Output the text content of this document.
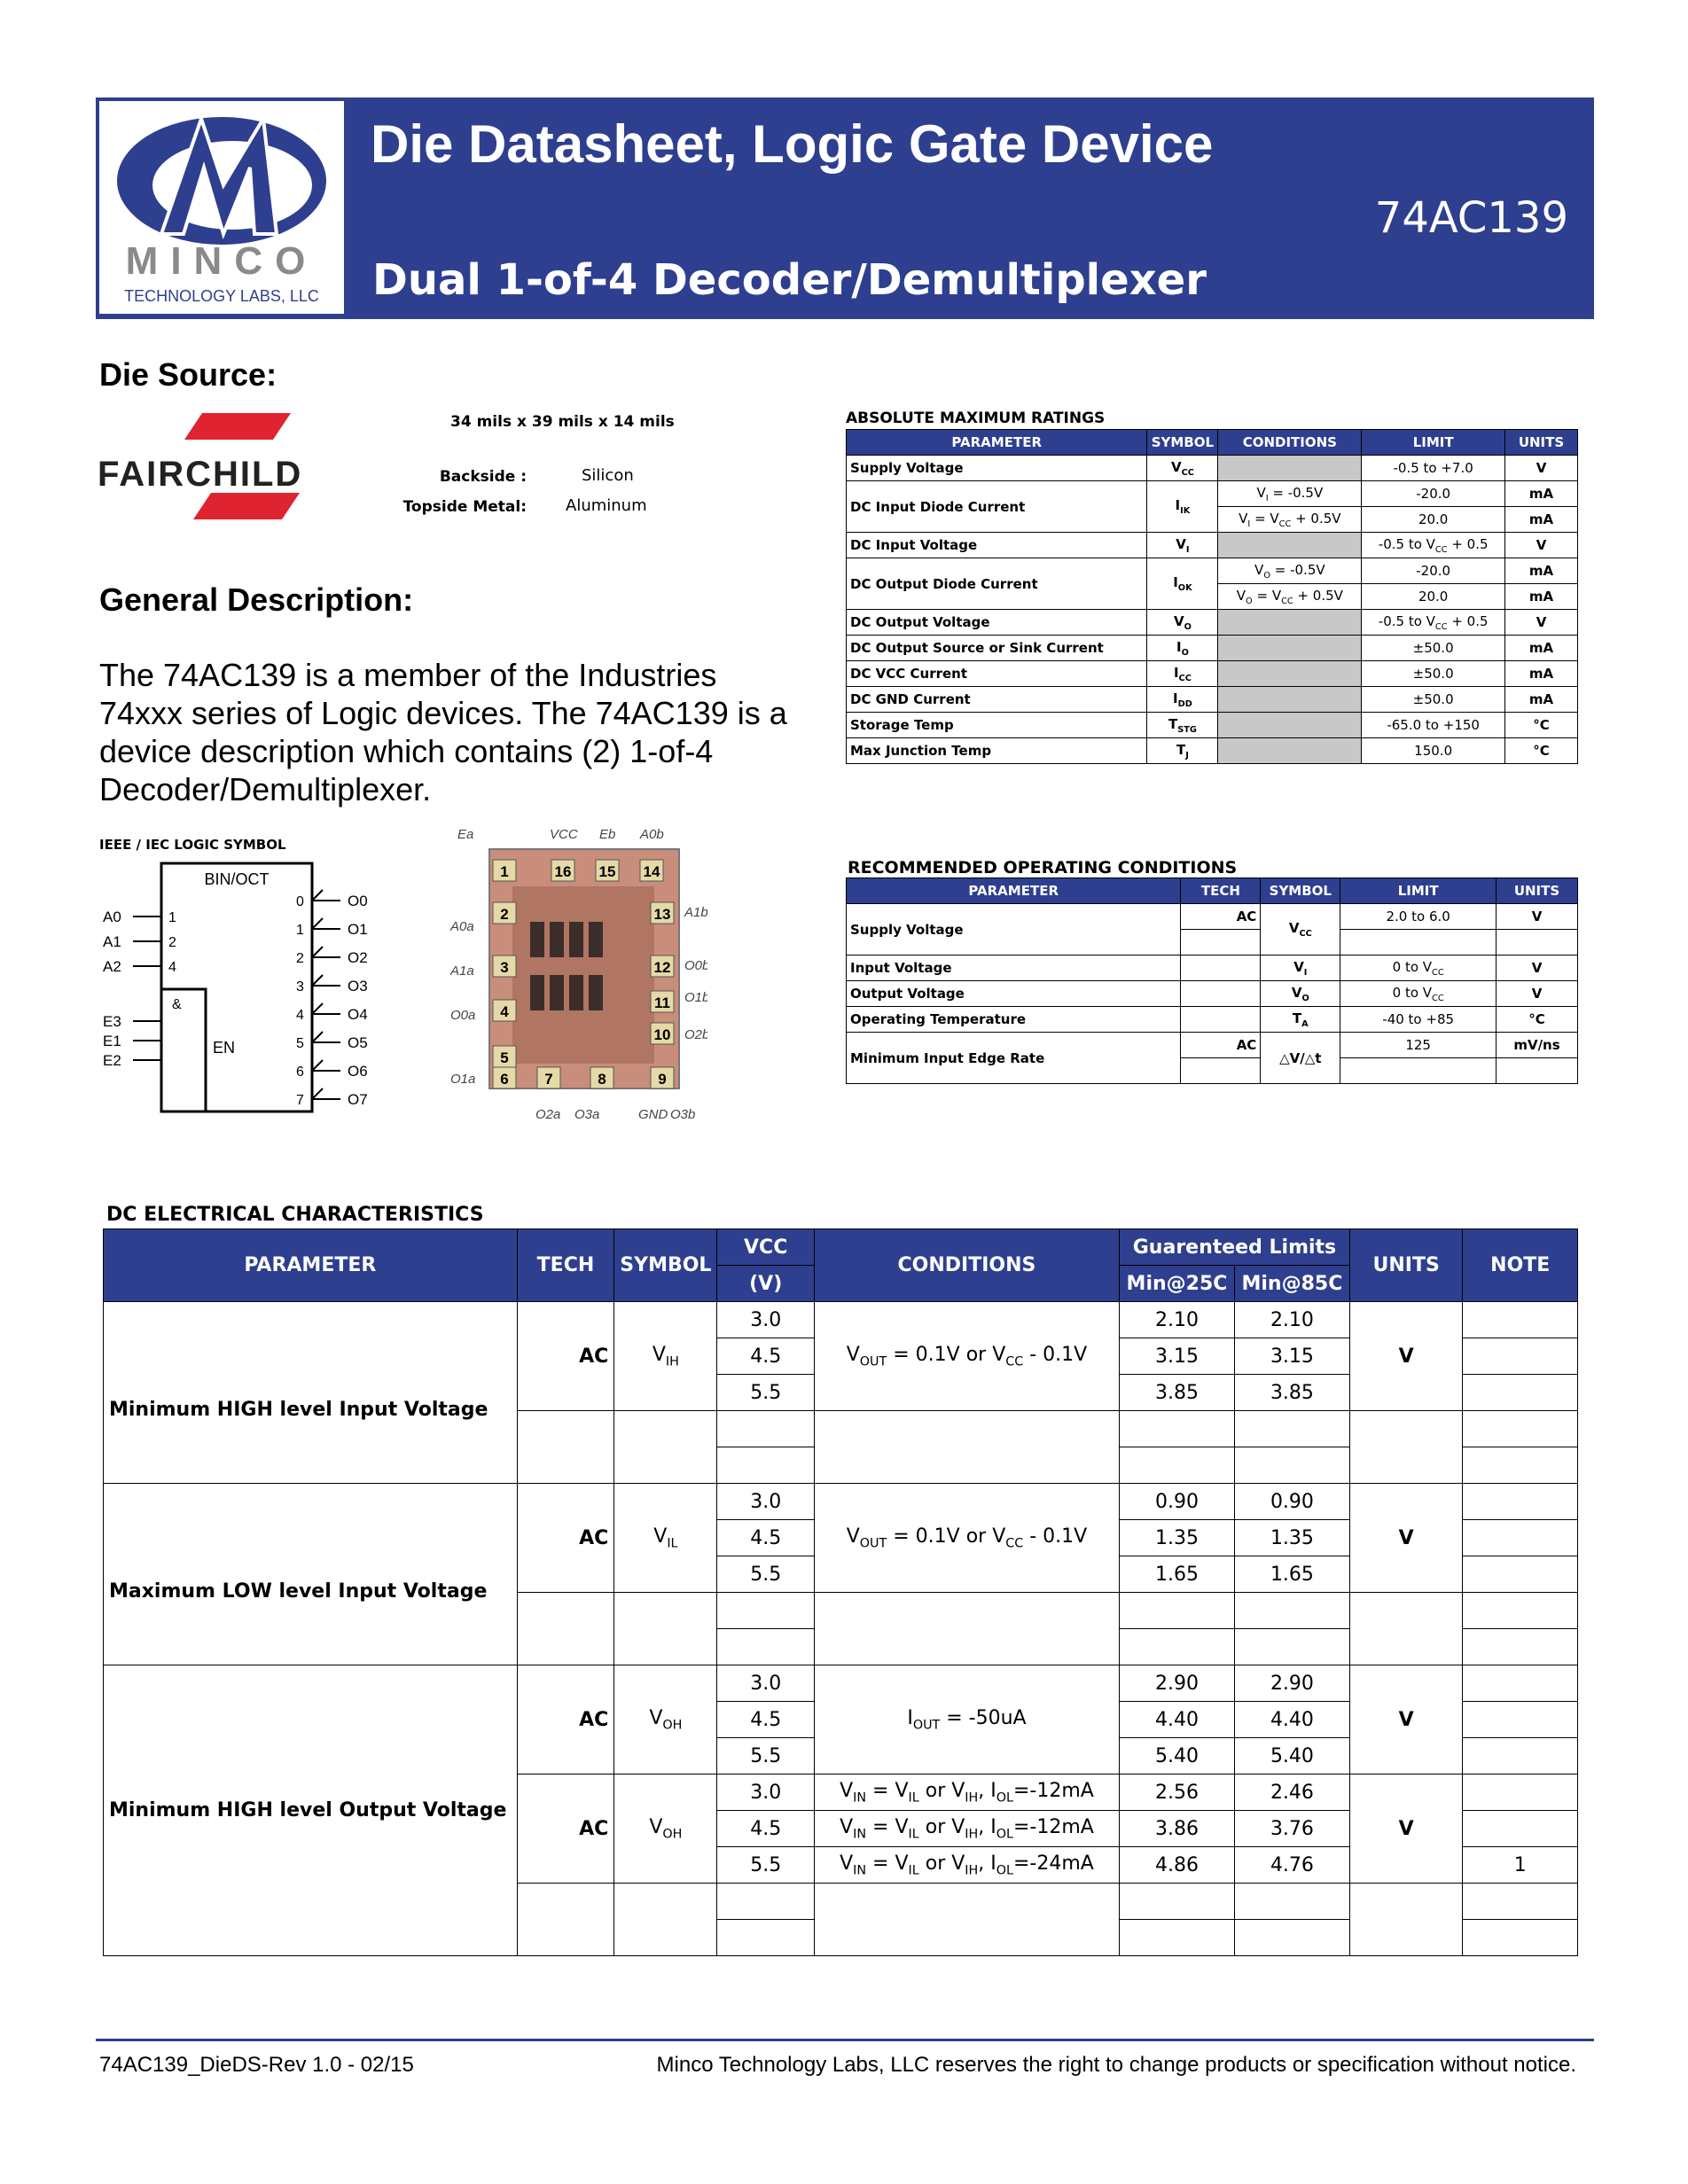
MINCO
TECHNOLOGY LABS, LLC
Die Datasheet, Logic Gate Device
74AC139
Dual 1-of-4 Decoder/Demultiplexer
Die Source:
FAIRCHILD
34 mils x 39 mils x 14 mils
Backside :	Silicon
Topside Metal: Aluminum
General Description:
The 74AC139 is a member of the Industries 74xxx series of Logic devices. The 74AC139 is a device description which contains (2) 1-of-4 Decoder/Demultiplexer.
IEEE / IEC LOGIC SYMBOL
BIN/OCT
&
EN
A0	1
A1	2
A2	4
E3
E1
E2
0	O0
1	O1
2	O2
3	O3
4	O4
5	O5
6	O6
7	O7
1	16 15 14
2	13
3	12
4
11
10
5
6 7	8	9
Ea	VCC Eb A0b
A0a
A1a
O0a
O1a
A1b
O0b
O1b
O2b
O2a O3a	GND O3b
ABSOLUTE MAXIMUM RATINGS
PARAMETER	SYMBOL	CONDITIONS	LIMIT	UNITS
Supply Voltage	$V_{CC}$		-0.5 to +7.0	V
DC Input Diode Current	$I_{IK}$	$V_I = -0.5V$	-20.0	mA
		$V_I = V_{CC} + 0.5V$	20.0	mA
DC Input Voltage	$V_I$		-0.5 to $V_{CC} + 0.5$	V
DC Output Diode Current	$I_{OK}$	$V_O = -0.5V$	-20.0	mA
		$V_O = V_{CC} + 0.5V$	20.0	mA
DC Output Voltage	$V_O$		-0.5 to $V_{CC} + 0.5$	V
DC Output Source or Sink Current	$I_O$		±50.0	mA
DC VCC Current	$I_{CC}$		±50.0	mA
DC GND Current	$I_{DD}$		±50.0	mA
Storage Temp	$T_{STG}$		-65.0 to +150	°C
Max Junction Temp	$T_J$		150.0	°C
RECOMMENDED OPERATING CONDITIONS
PARAMETER	TECH	SYMBOL	LIMIT	UNITS
Supply Voltage	AC	$V_{CC}$	2.0 to 6.0	V

Input Voltage		$V_I$	0 to $V_{CC}$	V
Output Voltage		$V_O$	0 to $V_{CC}$	V
Operating Temperature		$T_A$	-40 to +85	°C
Minimum Input Edge Rate	AC	△V/△t	125	mV/ns

DC ELECTRICAL CHARACTERISTICS
PARAMETER	TECH	SYMBOL	VCC	CONDITIONS	Guarenteed Limits		UNITS	NOTE
			(V)		Min@25C	Min@85C		
Minimum HIGH level Input Voltage	AC	$V_{IH}$	3.0	$V_{OUT} = 0.1V$ or $V_{CC} - 0.1V$	2.10	2.10	V	
			4.5		3.15	3.15		
			5.5		3.85	3.85		

Maximum LOW level Input Voltage	AC	$V_{IL}$	3.0	$V_{OUT} = 0.1V$ or $V_{CC} - 0.1V$	0.90	0.90	V	
			4.5		1.35	1.35		
			5.5		1.65	1.65		

Minimum HIGH level Output Voltage	AC	$V_{OH}$	3.0	$I_{OUT} = -50uA$	2.90	2.90	V	
			4.5		4.40	4.40		
			5.5		5.40	5.40		
	AC	$V_{OH}$	3.0	$V_{IN} = V_{IL}$ or $V_{IH}$, $I_{OL}=-12mA$	2.56	2.46	V	
			4.5	$V_{IN} = V_{IL}$ or $V_{IH}$, $I_{OL}=-12mA$	3.86	3.76		
			5.5	$V_{IN} = V_{IL}$ or $V_{IH}$, $I_{OL}=-24mA$	4.86	4.76		1

74AC139_DieDS-Rev 1.0 - 02/15	Minco Technology Labs, LLC reserves the right to change products or specification without notice.
